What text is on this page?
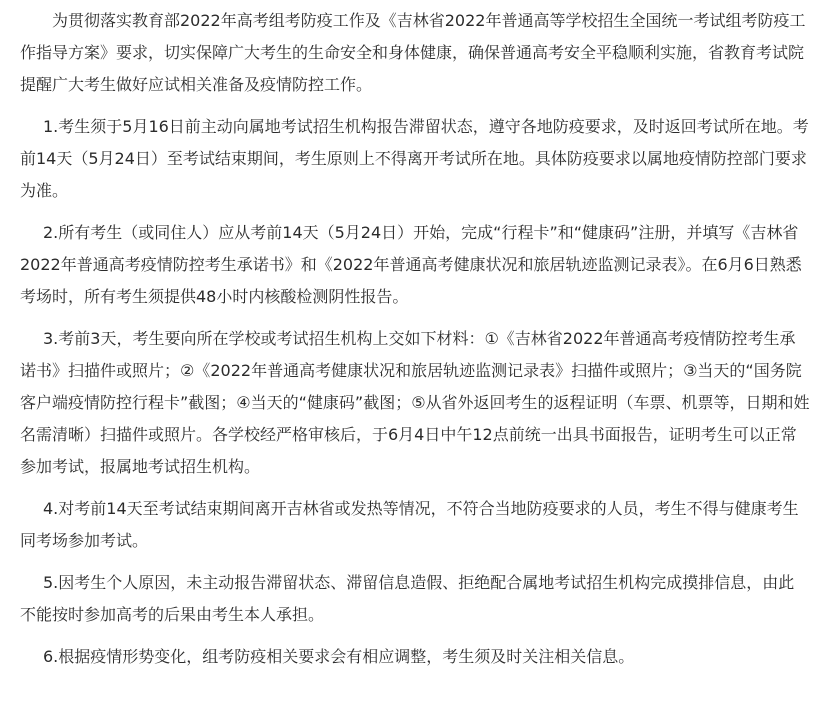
为贯彻落实教育部2022年高考组考防疫工作及《吉林省2022年普通高等学校招生全国统一考试组考防疫工作指导方案》要求，切实保障广大考生的生命安全和身体健康，确保普通高考安全平稳顺利实施，省教育考试院提醒广大考生做好应试相关准备及疫情防控工作。

1.考生须于5月16日前主动向属地考试招生机构报告滞留状态，遵守各地防疫要求，及时返回考试所在地。考前14天（5月24日）至考试结束期间，考生原则上不得离开考试所在地。具体防疫要求以属地疫情防控部门要求为准。

2.所有考生（或同住人）应从考前14天（5月24日）开始，完成“行程卡”和“健康码”注册，并填写《吉林省2022年普通高考疫情防控考生承诺书》和《2022年普通高考健康状况和旅居轨迹监测记录表》。在6月6日熟悉考场时，所有考生须提供48小时内核酸检测阴性报告。

3.考前3天，考生要向所在学校或考试招生机构上交如下材料：①《吉林省2022年普通高考疫情防控考生承诺书》扫描件或照片；②《2022年普通高考健康状况和旅居轨迹监测记录表》扫描件或照片；③当天的“国务院客户端疫情防控行程卡”截图；④当天的“健康码”截图；⑤从省外返回考生的返程证明（车票、机票等，日期和姓名需清晰）扫描件或照片。各学校经严格审核后，于6月4日中午12点前统一出具书面报告，证明考生可以正常参加考试，报属地考试招生机构。

4.对考前14天至考试结束期间离开吉林省或发热等情况，不符合当地防疫要求的人员，考生不得与健康考生同考场参加考试。

5.因考生个人原因，未主动报告滞留状态、滞留信息造假、拒绝配合属地考试招生机构完成摸排信息，由此不能按时参加高考的后果由考生本人承担。

6.根据疫情形势变化，组考防疫相关要求会有相应调整，考生须及时关注相关信息。
